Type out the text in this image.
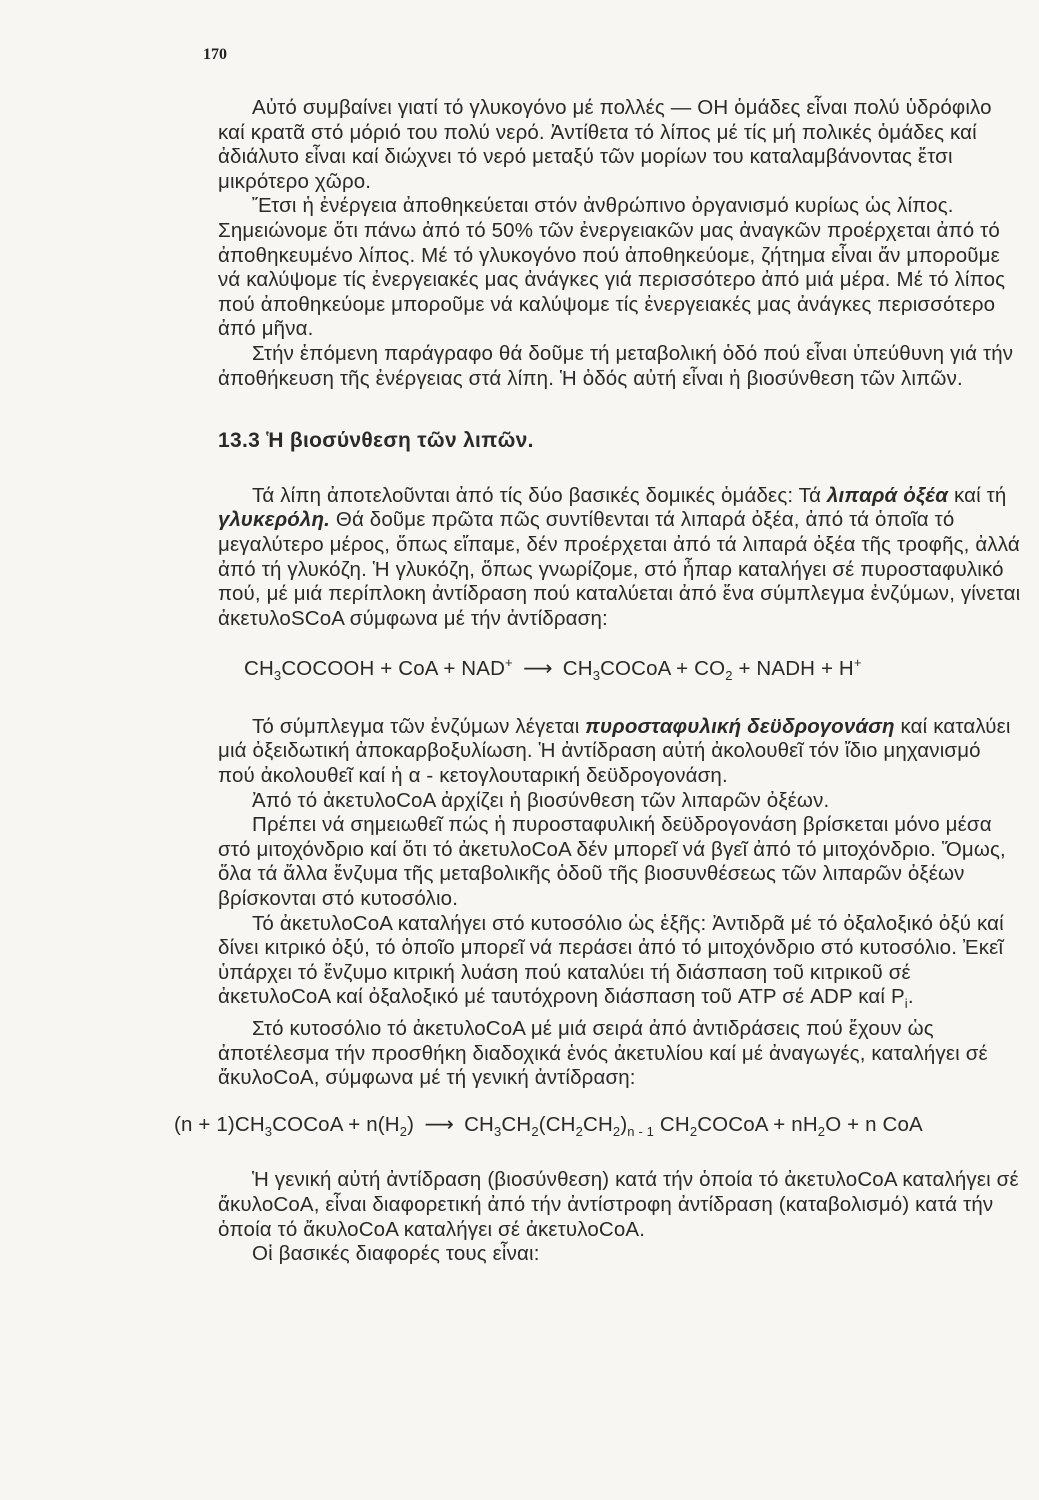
170

Αὐτό συμβαίνει γιατί τό γλυκογόνο μέ πολλές — ΟΗ ὁμάδες εἶναι πολύ ὑδρόφιλο καί κρατᾶ στό μόριό του πολύ νερό. Ἀντίθετα τό λίπος μέ τίς μή πολικές ὁμάδες καί ἀδιάλυτο εἶναι καί διώχνει τό νερό μεταξύ τῶν μορίων του καταλαμβάνοντας ἔτσι μικρότερο χῶρο.

Ἔτσι ἡ ἐνέργεια ἀποθηκεύεται στόν ἀνθρώπινο ὀργανισμό κυρίως ὡς λίπος. Σημειώνομε ὅτι πάνω ἀπό τό 50% τῶν ἐνεργειακῶν μας ἀναγκῶν προέρχεται ἀπό τό ἀποθηκευμένο λίπος. Μέ τό γλυκογόνο πού ἀποθηκεύομε, ζήτημα εἶναι ἄν μποροῦμε νά καλύψομε τίς ἐνεργειακές μας ἀνάγκες γιά περισσότερο ἀπό μιά μέρα. Μέ τό λίπος πού ἀποθηκεύομε μποροῦμε νά καλύψομε τίς ἐνεργειακές μας ἀνάγκες περισσότερο ἀπό μῆνα.

Στήν ἑπόμενη παράγραφο θά δοῦμε τή μεταβολική ὁδό πού εἶναι ὑπεύθυνη γιά τήν ἀποθήκευση τῆς ἐνέργειας στά λίπη. Ἡ ὁδός αὐτή εἶναι ἡ βιοσύνθεση τῶν λιπῶν.

13.3 Ἡ βιοσύνθεση τῶν λιπῶν.

Τά λίπη ἀποτελοῦνται ἀπό τίς δύο βασικές δομικές ὁμάδες: Τά λιπαρά ὀξέα καί τή γλυκερόλη. Θά δοῦμε πρῶτα πῶς συντίθενται τά λιπαρά ὀξέα, ἀπό τά ὁποῖα τό μεγαλύτερο μέρος, ὅπως εἴπαμε, δέν προέρχεται ἀπό τά λιπαρά ὀξέα τῆς τροφῆς, ἀλλά ἀπό τή γλυκόζη. Ἡ γλυκόζη, ὅπως γνωρίζομε, στό ἧπαρ καταλήγει σέ πυροσταφυλικό πού, μέ μιά περίπλοκη ἀντίδραση πού καταλύεται ἀπό ἕνα σύμπλεγμα ἐνζύμων, γίνεται ἀκετυλοSCoA σύμφωνα μέ τήν ἀντίδραση:

$CH_3COCOOH$ + CoA + NAD+ ⟶ $CH_3COCoA + CO_2$ + NADH + H+

Τό σύμπλεγμα τῶν ἐνζύμων λέγεται πυροσταφυλική δεϋδρογονάση καί καταλύει μιά ὀξειδωτική ἀποκαρβοξυλίωση. Ἡ ἀντίδραση αὐτή ἀκολουθεῖ τόν ἴδιο μηχανισμό πού ἀκολουθεῖ καί ἡ α - κετογλουταρική δεϋδρογονάση.

Ἀπό τό ἀκετυλοCoA ἀρχίζει ἡ βιοσύνθεση τῶν λιπαρῶν ὀξέων.

Πρέπει νά σημειωθεῖ πώς ἡ πυροσταφυλική δεϋδρογονάση βρίσκεται μόνο μέσα στό μιτοχόνδριο καί ὅτι τό ἀκετυλοCoA δέν μπορεῖ νά βγεῖ ἀπό τό μιτοχόνδριο. Ὅμως, ὅλα τά ἄλλα ἔνζυμα τῆς μεταβολικῆς ὁδοῦ τῆς βιοσυνθέσεως τῶν λιπαρῶν ὀξέων βρίσκονται στό κυτοσόλιο.

Τό ἀκετυλοCoA καταλήγει στό κυτοσόλιο ὡς ἑξῆς: Ἀντιδρᾶ μέ τό ὀξαλοξικό ὀξύ καί δίνει κιτρικό ὀξύ, τό ὁποῖο μπορεῖ νά περάσει ἀπό τό μιτοχόνδριο στό κυτοσόλιο. Ἐκεῖ ὑπάρχει τό ἔνζυμο κιτρική λυάση πού καταλύει τή διάσπαση τοῦ κιτρικοῦ σέ ἀκετυλοCoA καί ὀξαλοξικό μέ ταυτόχρονη διάσπαση τοῦ ATP σέ ADP καί $P_i$.

Στό κυτοσόλιο τό ἀκετυλοCoA μέ μιά σειρά ἀπό ἀντιδράσεις πού ἔχουν ὡς ἀποτέλεσμα τήν προσθήκη διαδοχικά ἑνός ἀκετυλίου καί μέ ἀναγωγές, καταλήγει σέ ἄκυλοCoA, σύμφωνα μέ τή γενική ἀντίδραση:

$(n + 1)CH_3COCoA + n(H_2)$ ⟶ $CH_3CH_2(CH_2CH_2)_{n - 1}$ $CH_2COCoA + nH_2O + n$ CoA

Ἡ γενική αὐτή ἀντίδραση (βιοσύνθεση) κατά τήν ὁποία τό ἀκετυλοCoA καταλήγει σέ ἄκυλοCoA, εἶναι διαφορετική ἀπό τήν ἀντίστροφη ἀντίδραση (καταβολισμό) κατά τήν ὁποία τό ἄκυλοCoA καταλήγει σέ ἀκετυλοCoA.

Οἱ βασικές διαφορές τους εἶναι:
